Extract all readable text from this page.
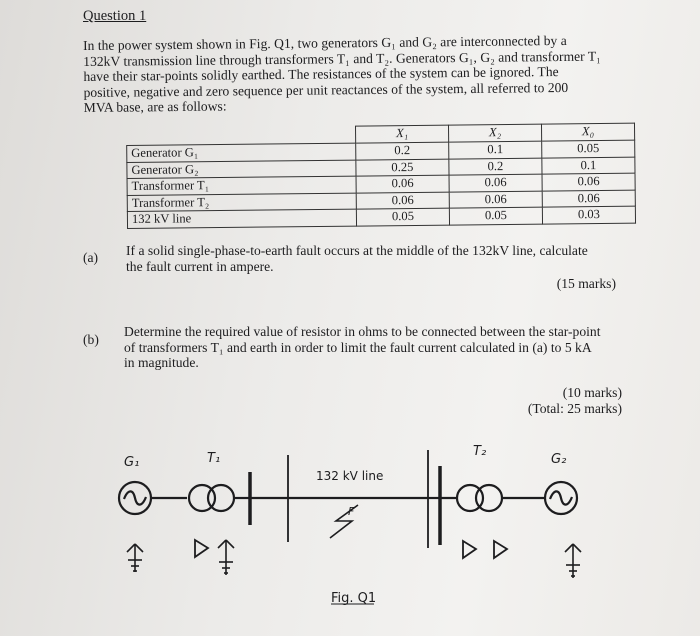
Question 1
In the power system shown in Fig. Q1, two generators G₁ and G₂ are interconnected by a
132kV transmission line through transformers T₁ and T₂. Generators G₁, G₂ and transformer T₁
have their star-points solidly earthed. The resistances of the system can be ignored. The
positive, negative and zero sequence per unit reactances of the system, all referred to 200
MVA base, are as follows:
	X₁	X₂	X₀
Generator G₁	0.2	0.1	0.05
Generator G₂	0.25	0.2	0.1
Transformer T₁	0.06	0.06	0.06
Transformer T₂	0.06	0.06	0.06
132 kV line	0.05	0.05	0.03
(a) If a solid single-phase-to-earth fault occurs at the middle of the 132kV line, calculate
the fault current in ampere.
(15 marks)
(b)
Determine the required value of resistor in ohms to be connected between the star-point
of transformers T₁ and earth in order to limit the fault current calculated in (a) to 5 kA
in magnitude.
(10 marks)
(Total: 25 marks)
G₁	T₁
132 kV line
F
T₂
G₂
Fig. Q1
